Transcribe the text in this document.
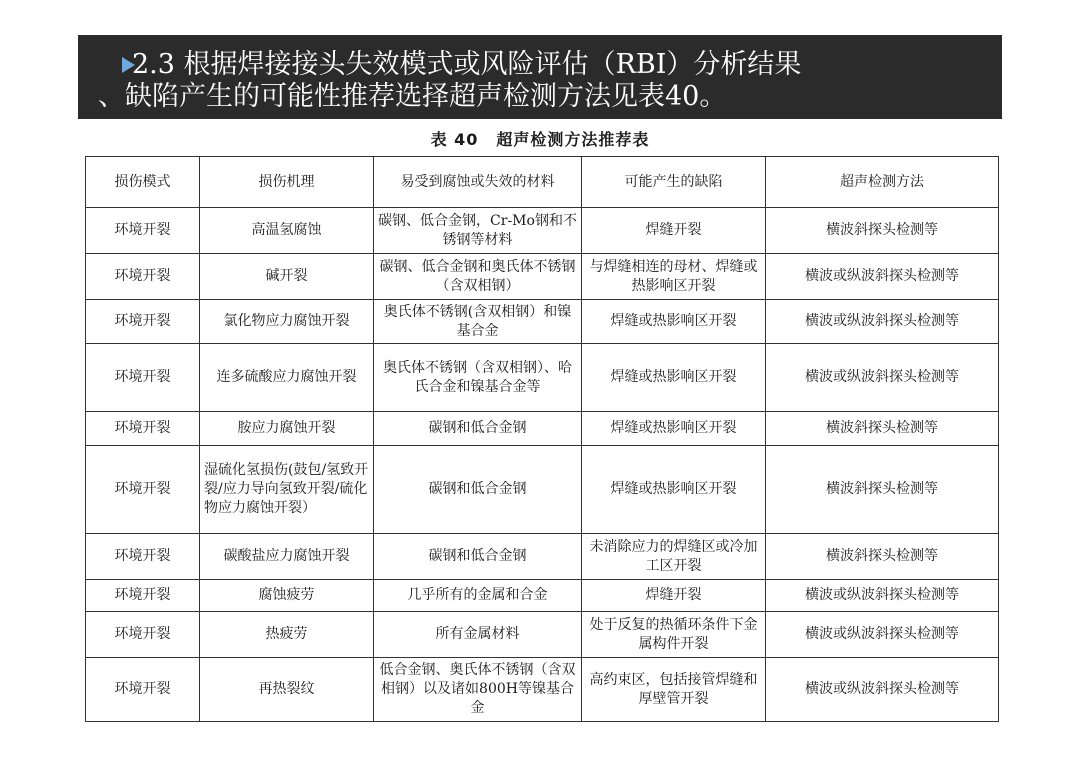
2.3 根据焊接接头失效模式或风险评估（RBI）分析结果
、缺陷产生的可能性推荐选择超声检测方法见表40。
表 40 超声检测方法推荐表
损伤模式	损伤机理	易受到腐蚀或失效的材料	可能产生的缺陷	超声检测方法
环境开裂	高温氢腐蚀	碳钢、低合金钢，Cr-Mo钢和不锈钢等材料	焊缝开裂	横波斜探头检测等
环境开裂	碱开裂	碳钢、低合金钢和奥氏体不锈钢（含双相钢）	与焊缝相连的母材、焊缝或热影响区开裂	横波或纵波斜探头检测等
环境开裂	氯化物应力腐蚀开裂	奥氏体不锈钢(含双相钢）和镍基合金	焊缝或热影响区开裂	横波或纵波斜探头检测等
环境开裂	连多硫酸应力腐蚀开裂	奥氏体不锈钢（含双相钢）、哈氏合金和镍基合金等	焊缝或热影响区开裂	横波或纵波斜探头检测等
环境开裂	胺应力腐蚀开裂	碳钢和低合金钢	焊缝或热影响区开裂	横波斜探头检测等
环境开裂	湿硫化氢损伤(鼓包/氢致开裂/应力导向氢致开裂/硫化物应力腐蚀开裂）	碳钢和低合金钢	焊缝或热影响区开裂	横波斜探头检测等
环境开裂	碳酸盐应力腐蚀开裂	碳钢和低合金钢	未消除应力的焊缝区或冷加工区开裂	横波斜探头检测等
环境开裂	腐蚀疲劳	几乎所有的金属和合金	焊缝开裂	横波或纵波斜探头检测等
环境开裂	热疲劳	所有金属材料	处于反复的热循环条件下金属构件开裂	横波或纵波斜探头检测等
环境开裂	再热裂纹	低合金钢、奥氏体不锈钢（含双相钢）以及诸如800H等镍基合金	高约束区，包括接管焊缝和厚壁管开裂	横波或纵波斜探头检测等
